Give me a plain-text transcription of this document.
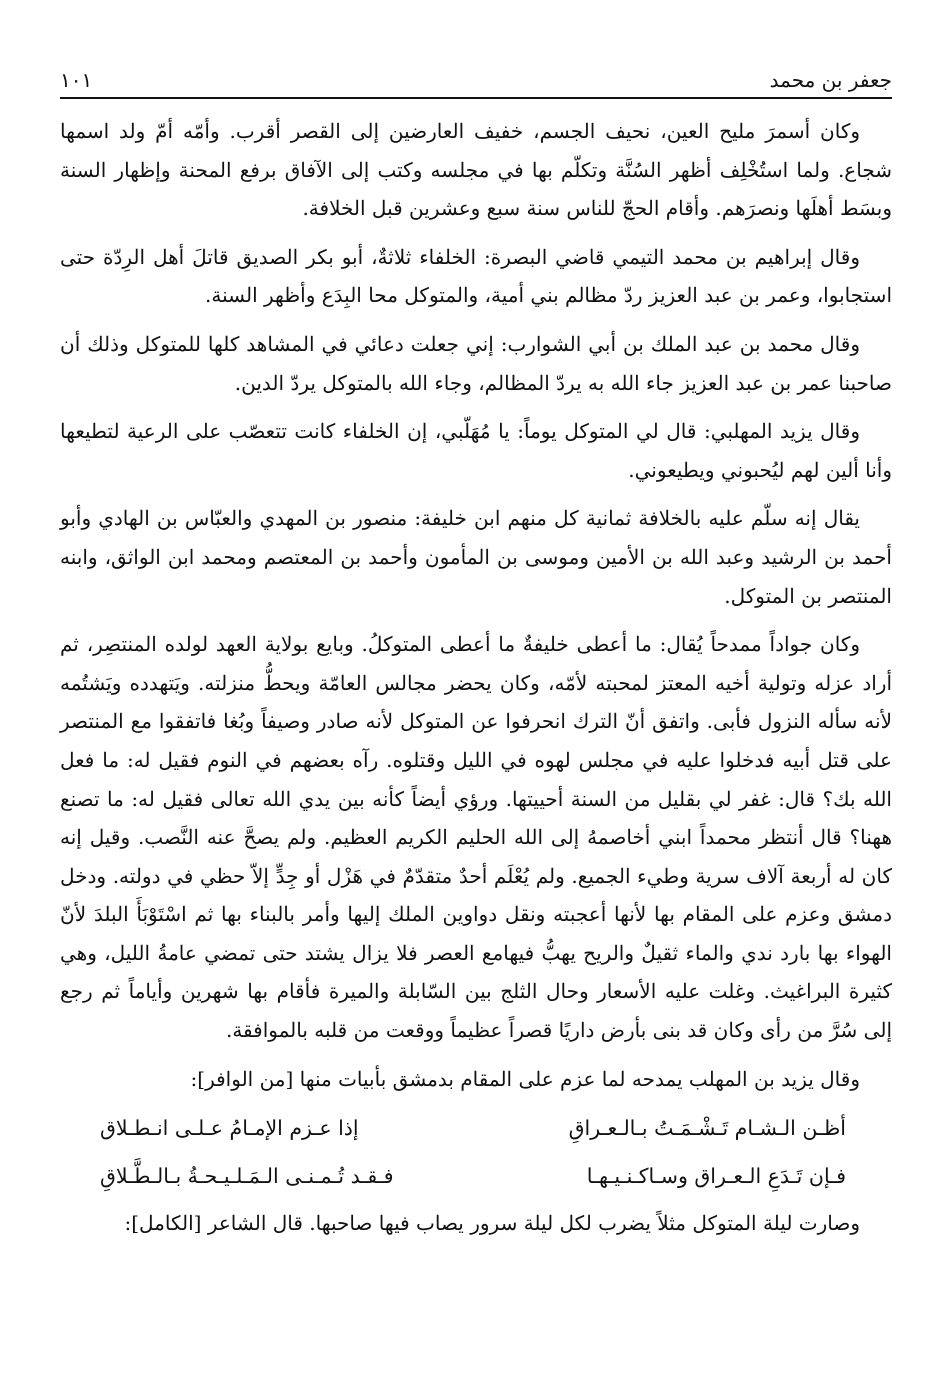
جعفر بن محمد
١٠١

وكان أسمرَ مليح العين، نحيف الجسم، خفيف العارضين إلى القصر أقرب. وأمّه أمّ ولد اسمها شجاع. ولما استُخْلِف أظهر السُنَّة وتكلّم بها في مجلسه وكتب إلى الآفاق برفع المحنة وإظهار السنة وبسَط أهلَها ونصرَهم. وأقام الحجّ للناس سنة سبع وعشرين قبل الخلافة.

وقال إبراهيم بن محمد التيمي قاضي البصرة: الخلفاء ثلاثةٌ، أبو بكر الصديق قاتلَ أهل الرِدّة حتى استجابوا، وعمر بن عبد العزيز ردّ مظالم بني أمية، والمتوكل محا البِدَع وأظهر السنة.

وقال محمد بن عبد الملك بن أبي الشوارب: إني جعلت دعائي في المشاهد كلها للمتوكل وذلك أن صاحبنا عمر بن عبد العزيز جاء الله به يردّ المظالم، وجاء الله بالمتوكل يردّ الدين.

وقال يزيد المهلبي: قال لي المتوكل يوماً: يا مُهَلّبي، إن الخلفاء كانت تتعصّب على الرعية لتطيعها وأنا ألين لهم ليُحبوني ويطيعوني.

يقال إنه سلّم عليه بالخلافة ثمانية كل منهم ابن خليفة: منصور بن المهدي والعبّاس بن الهادي وأبو أحمد بن الرشيد وعبد الله بن الأمين وموسى بن المأمون وأحمد بن المعتصم ومحمد ابن الواثق، وابنه المنتصر بن المتوكل.

وكان جواداً ممدحاً يُقال: ما أعطى خليفةٌ ما أعطى المتوكلُ. وبايع بولاية العهد لولده المنتصِر، ثم أراد عزله وتولية أخيه المعتز لمحبته لأمّه، وكان يحضر مجالس العامّة ويحطُّ منزلته. ويَتهدده ويَشتُمه لأنه سأله النزول فأبى. واتفق أنّ الترك انحرفوا عن المتوكل لأنه صادر وصيفاً وبُغا فاتفقوا مع المنتصر على قتل أبيه فدخلوا عليه في مجلس لهوه في الليل وقتلوه. رآه بعضهم في النوم فقيل له: ما فعل الله بك؟ قال: غفر لي بقليل من السنة أحييتها. ورؤي أيضاً كأنه بين يدي الله تعالى فقيل له: ما تصنع ههنا؟ قال أنتظر محمداً ابني أخاصمهُ إلى الله الحليم الكريم العظيم. ولم يصحَّ عنه النَّصب. وقيل إنه كان له أربعة آلاف سرية وطيء الجميع. ولم يُعْلَم أحدٌ متقدّمٌ في هَزْل أو جِدٍّ إلاّ حظي في دولته. ودخل دمشق وعزم على المقام بها لأنها أعجبته ونقل دواوين الملك إليها وأمر بالبناء بها ثم اسْتَوْبَأَ البلدَ لأنّ الهواء بها بارد ندي والماء ثقيلٌ والريح يهبُّ فيهامع العصر فلا يزال يشتد حتى تمضي عامةُ الليل، وهي كثيرة البراغيث. وغلت عليه الأسعار وحال الثلج بين السّابلة والميرة فأقام بها شهرين وأياماً ثم رجع إلى سُرَّ من رأى وكان قد بنى بأرض داريًا قصراً عظيماً ووقعت من قلبه بالموافقة.

وقال يزيد بن المهلب يمدحه لما عزم على المقام بدمشق بأبيات منها [من الوافر]:

أظـن الـشـام تَـشْـمَـتُ بـالـعـراقِ
إذا عـزم الإمـامُ عـلـى انـطـلاق
فـإن تَـدَعِ الـعـراق وسـاكـنـيـهـا
فـقـد تُـمـنـى الـمَـلـيـحـةُ بـالـطَّـلاقِ

وصارت ليلة المتوكل مثلاً يضرب لكل ليلة سرور يصاب فيها صاحبها. قال الشاعر [الكامل]:
